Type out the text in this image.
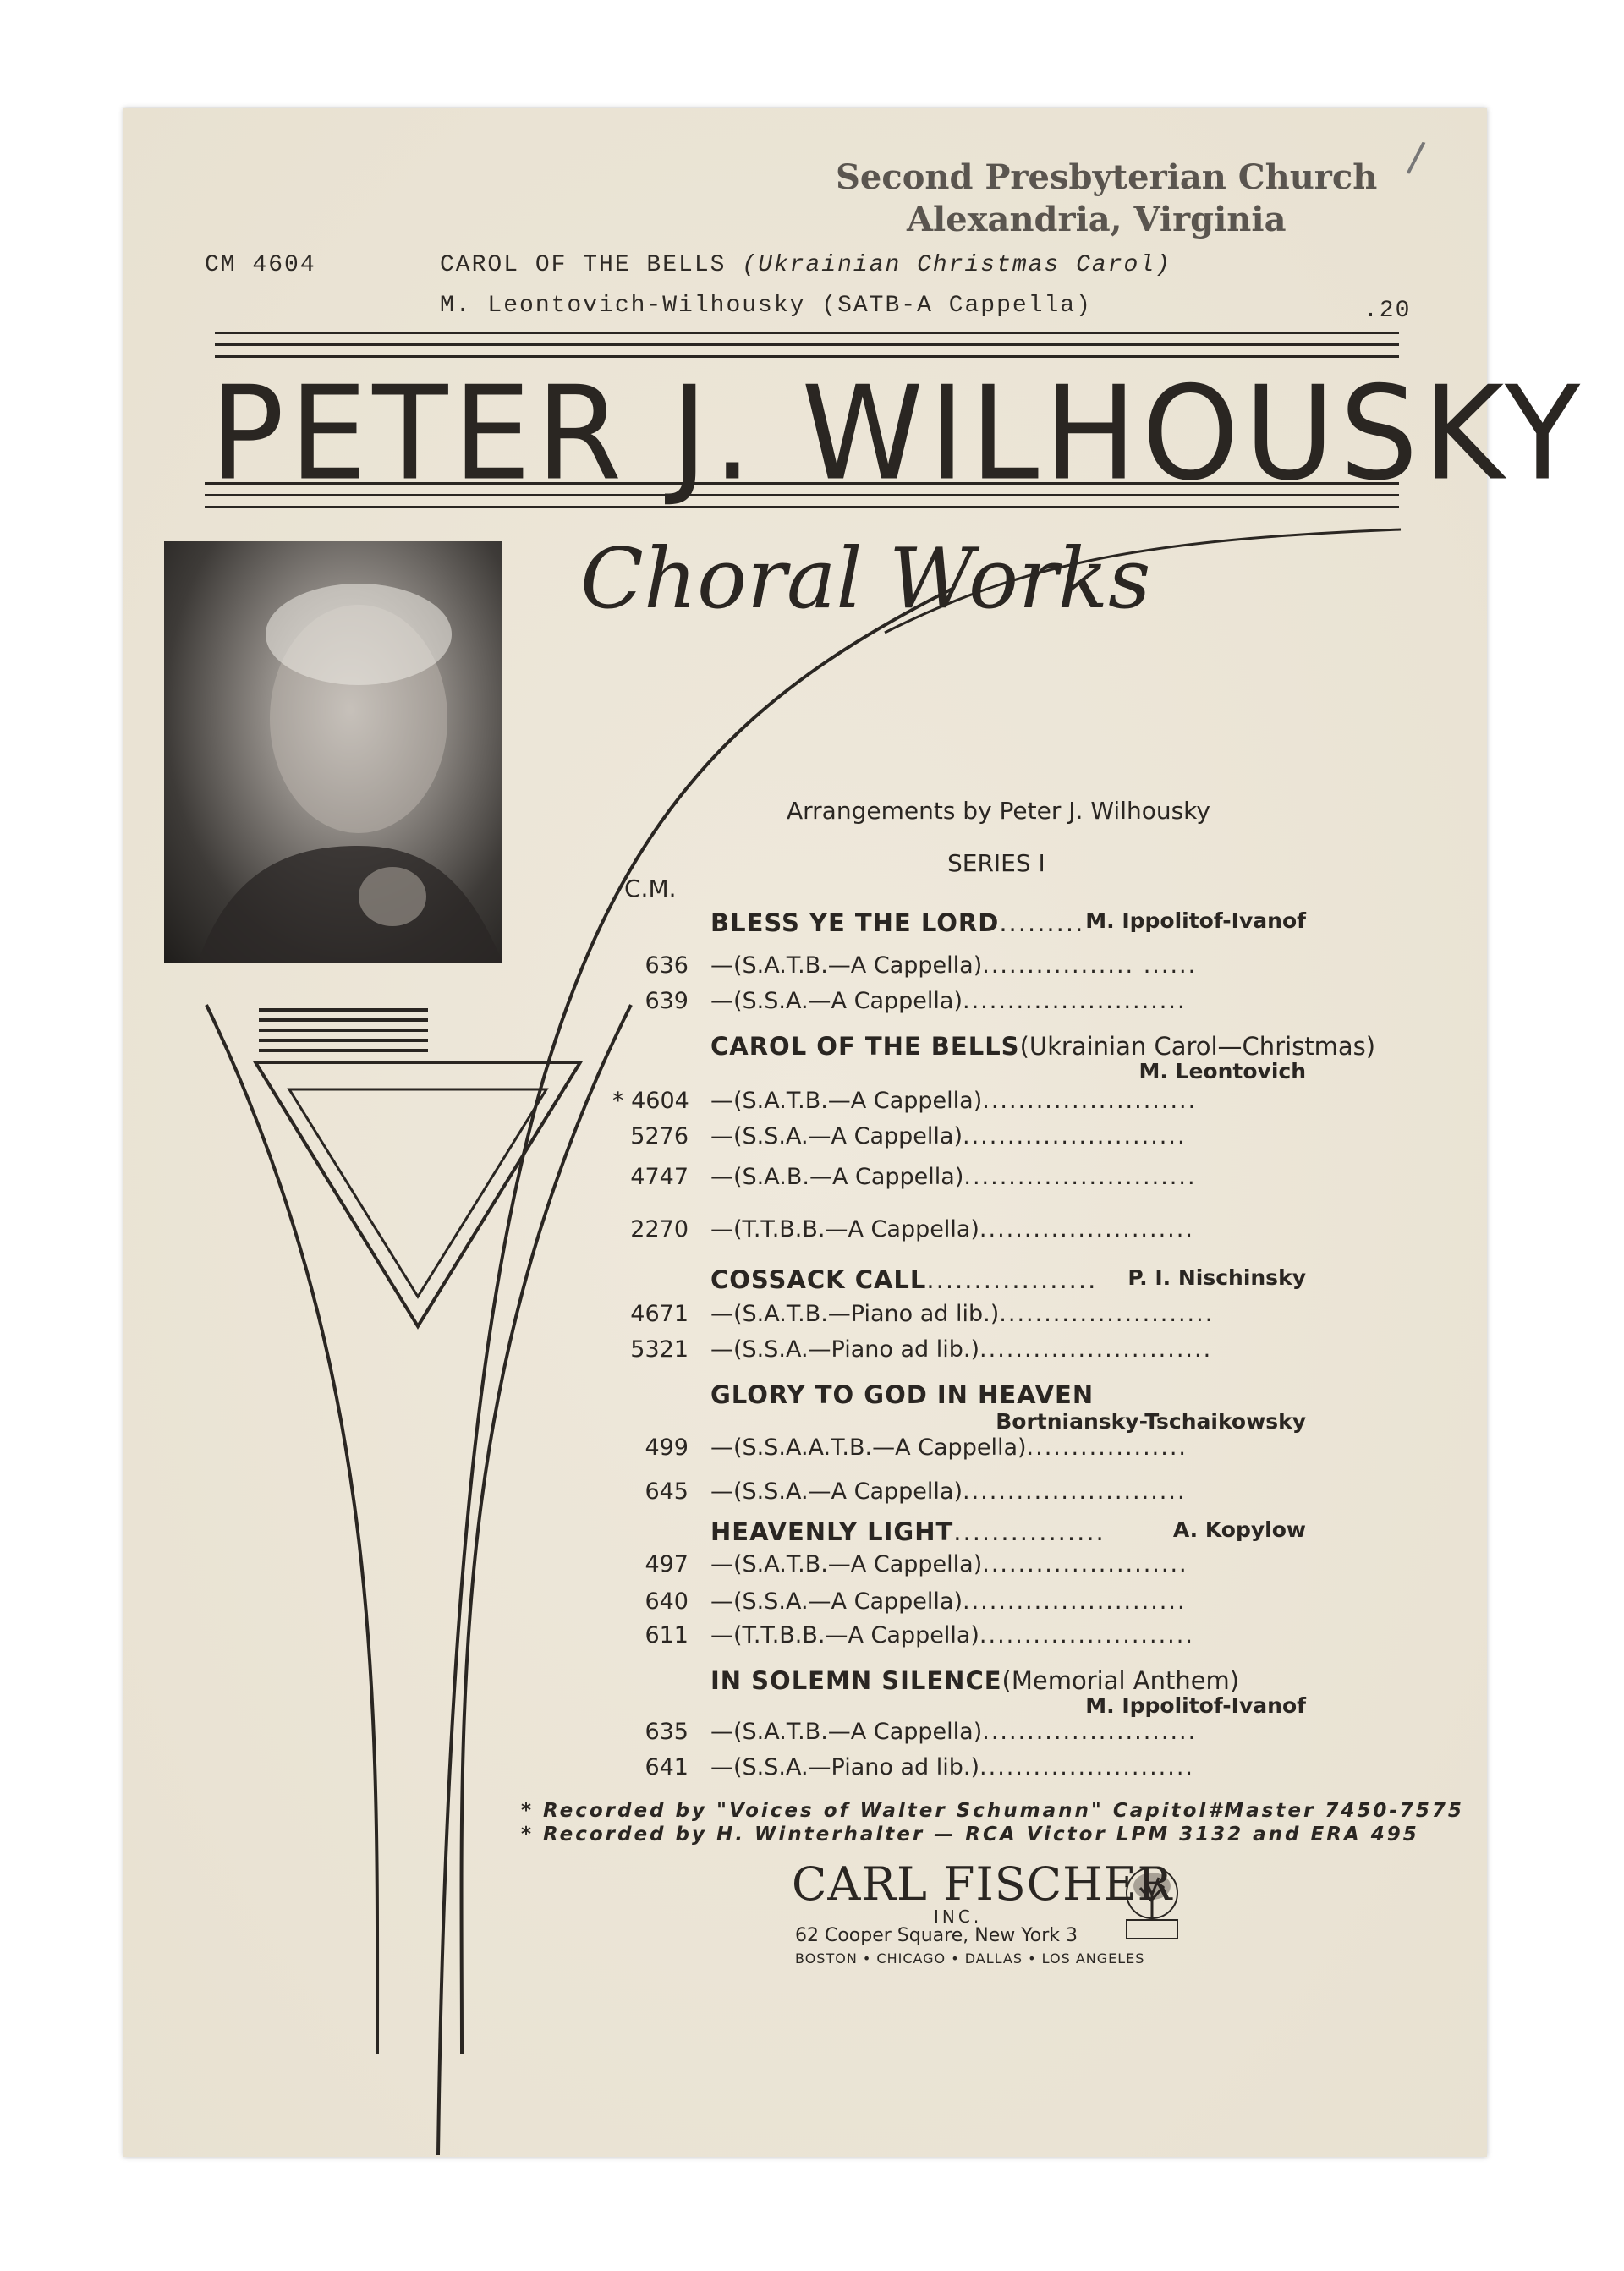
Second Presbyterian Church
Alexandria, Virginia
/
CM 4604	CAROL OF THE BELLS (Ukrainian Christmas Carol)
M. Leontovich-Wilhousky (SATB-A Cappella)	.20
PETER J. WILHOUSKY
Choral Works
Arrangements by Peter J. Wilhousky
SERIES I
C.M.
* Recorded by "Voices of Walter Schumann" Capitol#Master 7450-7575
* Recorded by H. Winterhalter — RCA Victor LPM 3132 and ERA 495
CARL FISCHER
INC.
62 Cooper Square, New York 3
BOSTON • CHICAGO • DALLAS • LOS ANGELES
BLESS YE THE LORD......... M. Ippolitof-Ivanof
636 —(S.A.T.B.—A Cappella)................. ......
639 —(S.S.A.—A Cappella).........................
CAROL OF THE BELLS(Ukrainian Carol—Christmas)
M. Leontovich
* 4604 —(S.A.T.B.—A Cappella)........................
5276 —(S.S.A.—A Cappella).........................
4747 —(S.A.B.—A Cappella)..........................
2270 —(T.T.B.B.—A Cappella)........................
COSSACK CALL.................. P. I. Nischinsky
4671 —(S.A.T.B.—Piano ad lib.)........................
5321 —(S.S.A.—Piano ad lib.)..........................
GLORY TO GOD IN HEAVEN
Bortniansky-Tschaikowsky
499 —(S.S.A.A.T.B.—A Cappella)..................
645 —(S.S.A.—A Cappella).........................
HEAVENLY LIGHT................	A. Kopylow
497 —(S.A.T.B.—A Cappella).......................
640 —(S.S.A.—A Cappella).........................
611 —(T.T.B.B.—A Cappella)........................
IN SOLEMN SILENCE(Memorial Anthem)
M. Ippolitof-Ivanof
635 —(S.A.T.B.—A Cappella)........................
641 —(S.S.A.—Piano ad lib.)........................
